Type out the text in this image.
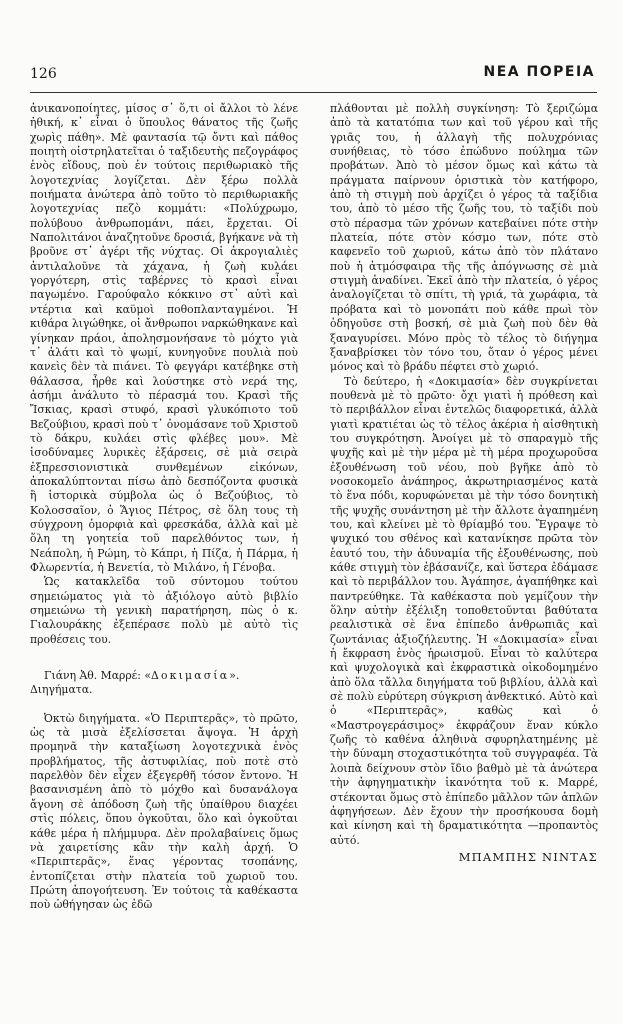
126	ΝΕΑ ΠΟΡΕΙΑ

ἀνικανοποίητες, μίσος σ᾽ ὅ,τι οἱ ἄλλοι τὸ λένε ἠθική, κ᾽ εἶναι ὁ ὕπουλος θάνατος τῆς ζωῆς χωρὶς πάθη». Μὲ φαντασία τῷ ὄντι καὶ πάθος ποιητὴ οἰστρηλατεῖται ὁ ταξιδευτὴς πεζογράφος ἑνὸς εἴδους, ποὺ ἐν τούτοις περιθωριακὸ τῆς λογοτεχνίας λογίζεται. Δὲν ξέρω πολλὰ ποιήματα ἀνώτερα ἀπὸ τοῦτο τὸ περιθωριακῆς λογοτεχνίας πεζὸ κομμάτι: «Πολύχρωμο, πολύβουο ἀνθρωπομάνι, πάει, ἔρχεται. Οἱ Ναπολιτάνοι ἀναζητοῦνε δροσιά, βγήκανε νὰ τὴ βροῦνε στ᾽ ἀγέρι τῆς νύχτας. Οἱ ἀκρογιαλιὲς ἀντιλαλοῦνε τὰ χάχανα, ἡ ζωὴ κυλάει γοργότερη, στὶς ταβέρνες τὸ κρασὶ εἶναι παγωμένο. Γαρούφαλο κόκκινο στ᾽ αὐτὶ καὶ ντέρτια καὶ καϋμοὶ ποθοπλανταγμένοι. Ἡ κιθάρα λιγώθηκε, οἱ ἄνθρωποι ναρκώθηκανε καὶ γίνηκαν πράοι, ἀπολησμονήσανε τὸ μόχτο γιὰ τ᾽ ἁλάτι καὶ τὸ ψωμί, κυνηγοῦνε πουλιὰ ποὺ κανεὶς δὲν τὰ πιάνει. Τὸ φεγγάρι κατέβηκε στὴ θάλασσα, ἦρθε καὶ λούστηκε στὸ νερά της, ἀσήμι ἀνάλυτο τὸ πέρασμά του. Κρασὶ τῆς Ἴσκιας, κρασὶ στυφό, κρασὶ γλυκόπιοτο τοῦ Βεζούβιου, κρασὶ ποὺ τ᾽ ὀνομάσανε τοῦ Χριστοῦ τὸ δάκρυ, κυλάει στὶς φλέβες μου». Μὲ ἰσοδύναμες λυρικὲς ἐξάρσεις, σὲ μιὰ σειρὰ ἐξπρεσσιονιστικὰ συνθεμένων εἰκόνων, ἀποκαλύπτονται πίσω ἀπὸ δεσπόζοντα φυσικὰ ἢ ἱστορικὰ σύμβολα ὡς ὁ Βεζούβιος, τὸ Κολοσσαῖον, ὁ Ἅγιος Πέτρος, σὲ ὅλη τους τὴ σύγχρονη ὁμορφιὰ καὶ φρεσκάδα, ἀλλὰ καὶ μὲ ὅλη τη γοητεία τοῦ παρελθόντος των, ἡ Νεάπολη, ἡ Ρώμη, τὸ Κάπρι, ἡ Πίζα, ἡ Πάρμα, ἡ Φλωρεντία, ἡ Βενετία, τὸ Μιλάνο, ἡ Γένοβα.

Ὡς κατακλεῖδα τοῦ σύντομου τούτου σημειώματος γιὰ τὸ ἀξιόλογο αὐτὸ βιβλίο σημειώνω τὴ γενικὴ παρατήρηση, πὼς ὁ κ. Γιαλουράκης ἐξεπέρασε πολὺ μὲ αὐτὸ τὶς προθέσεις του.

Γιάνη Ἀθ. Μαρρέ: «Δοκιμασία».

Διηγήματα.

Ὀκτὼ διηγήματα. «Ὁ Περιπτερᾶς», τὸ πρῶτο, ὡς τὰ μισὰ ἐξελίσσεται ἄψογα. Ἡ ἀρχὴ προμηνᾶ τὴν καταξίωση λογοτεχνικὰ ἑνὸς προβλήματος, τῆς ἀστυφιλίας, ποὺ ποτὲ στὸ παρελθὸν δὲν εἶχεν ἐξεγερθῆ τόσον ἔντονο. Ἡ βασανισμένη ἀπὸ τὸ μόχθο καὶ δυσανάλογα ἄγονη σὲ ἀπόδοση ζωὴ τῆς ὑπαίθρου διαχέει στὶς πόλεις, ὅπου ὀγκοῦται, ὅλο καὶ ὀγκοῦται κάθε μέρα ἡ πλήμμυρα. Δὲν προλαβαίνεις ὅμως νὰ χαιρετίσης κἂν τὴν καλὴ ἀρχή. Ὁ «Περιπτερᾶς», ἕνας γέροντας τσοπάνης, ἐντοπίζεται στὴν πλατεία τοῦ χωριοῦ του. Πρώτη ἀπογοήτευση. Ἐν τούτοις τὰ καθέκαστα ποὺ ὠθήγησαν ὡς ἐδῶ

πλάθονται μὲ πολλὴ συγκίνηση: Τὸ ξεριζώμα ἀπὸ τὰ κατατόπια των καὶ τοῦ γέρου καὶ τῆς γριᾶς του, ἡ ἀλλαγὴ τῆς πολυχρόνιας συνήθειας, τὸ τόσο ἐπώδυνο πούλημα τῶν προβάτων. Ἀπὸ τὸ μέσον ὅμως καὶ κάτω τὰ πράγματα παίρνουν ὁριστικὰ τὸν κατήφορο, ἀπὸ τὴ στιγμὴ ποὺ ἀρχίζει ὁ γέρος τὰ ταξίδια του, ἀπὸ τὸ μέσο τῆς ζωῆς του, τὸ ταξίδι ποὺ στὸ πέρασμα τῶν χρόνων κατεβαίνει πότε στὴν πλατεία, πότε στὸν κόσμο των, πότε στὸ καφενεῖο τοῦ χωριοῦ, κάτω ἀπὸ τὸν πλάτανο ποὺ ἡ ἀτμόσφαιρα τῆς τῆς ἀπόγνωσης σὲ μιὰ στιγμὴ ἀναδίνει. Ἐκεῖ ἀπὸ τὴν πλατεία, ὁ γέρος ἀναλογίζεται τὸ σπίτι, τὴ γριά, τὰ χωράφια, τὰ πρόβατα καὶ τὸ μονοπάτι ποὺ κάθε πρωὶ τὸν ὁδηγοῦσε στὴ βοσκή, σὲ μιὰ ζωὴ ποὺ δὲν θὰ ξαναγυρίσει. Μόνο πρὸς τὸ τέλος τὸ διήγημα ξαναβρίσκει τὸν τόνο του, ὅταν ὁ γέρος μένει μόνος καὶ τὸ βράδυ πέφτει στὸ χωριό.

Τὸ δεύτερο, ἡ «Δοκιμασία» δὲν συγκρίνεται πουθενὰ μὲ τὸ πρῶτο· ὄχι γιατὶ ἡ πρόθεση καὶ τὸ περιβάλλον εἶναι ἐντελῶς διαφορετικά, ἀλλὰ γιατὶ κρατιέται ὡς τὸ τέλος ἀκέρια ἡ αἰσθητικὴ του συγκρότηση. Ἀνοίγει μὲ τὸ σπαραγμὸ τῆς ψυχῆς καὶ μὲ τὴν μέρα μὲ τὴ μέρα προχωροῦσα ἐξουθένωση τοῦ νέου, ποὺ βγῆκε ἀπὸ τὸ νοσοκομεῖο ἀνάπηρος, ἀκρωτηριασμένος κατὰ τὸ ἕνα πόδι, κορυφώνεται μὲ τὴν τόσο δονητικὴ τῆς ψυχῆς συνάντηση μὲ τὴν ἄλλοτε ἀγαπημένη του, καὶ κλείνει μὲ τὸ θρίαμβό του. Ἔγραψε τὸ ψυχικό του σθένος καὶ κατανίκησε πρῶτα τὸν ἑαυτό του, τὴν ἀδυναμία τῆς ἐξουθένωσης, ποὺ κάθε στιγμὴ τὸν ἐβάσανίζε, καὶ ὕστερα ἐδάμασε καὶ τὸ περιβάλλον του. Ἀγάπησε, ἀγαπήθηκε καὶ παντρεύθηκε. Τὰ καθέκαστα ποὺ γεμίζουν τὴν ὅλην αὐτὴν ἐξέλιξη τοποθετοῦνται βαθύτατα ρεαλιστικὰ σὲ ἕνα ἐπίπεδο ἀνθρωπιᾶς καὶ ζωντάνιας ἀξιοζήλευτης. Ἡ «Δοκιμασία» εἶναι ἡ ἔκφραση ἑνὸς ἡρωισμοῦ. Εἶναι τὸ καλύτερα καὶ ψυχολογικὰ καὶ ἐκφραστικὰ οἰκοδομημένο ἀπὸ ὅλα τἄλλα διηγήματα τοῦ βιβλίου, ἀλλὰ καὶ σὲ πολὺ εὐρύτερη σύγκριση ἀνθεκτικό. Αὐτὸ καὶ ὁ «Περιπτερᾶς», καθὼς καὶ ὁ «Μαστρογεράσιμος» ἐκφράζουν ἕναν κύκλο ζωῆς τὸ καθένα ἀληθινὰ σφυρηλατημένης μὲ τὴν δύναμη στοχαστικότητα τοῦ συγγραφέα. Τὰ λοιπὰ δείχνουν στὸν ἴδιο βαθμὸ μὲ τὰ ἀνώτερα τὴν ἀφηγηματικὴν ἱκανότητα τοῦ κ. Μαρρέ, στέκονται ὅμως στὸ ἐπίπεδο μᾶλλον τῶν ἁπλῶν ἀφηγήσεων. Δὲν ἔχουν τὴν προσήκουσα δομὴ καὶ κίνηση καὶ τὴ δραματικότητα —προπαντὸς αὐτό.

ΜΠΑΜΠΗΣ ΝΙΝΤΑΣ
